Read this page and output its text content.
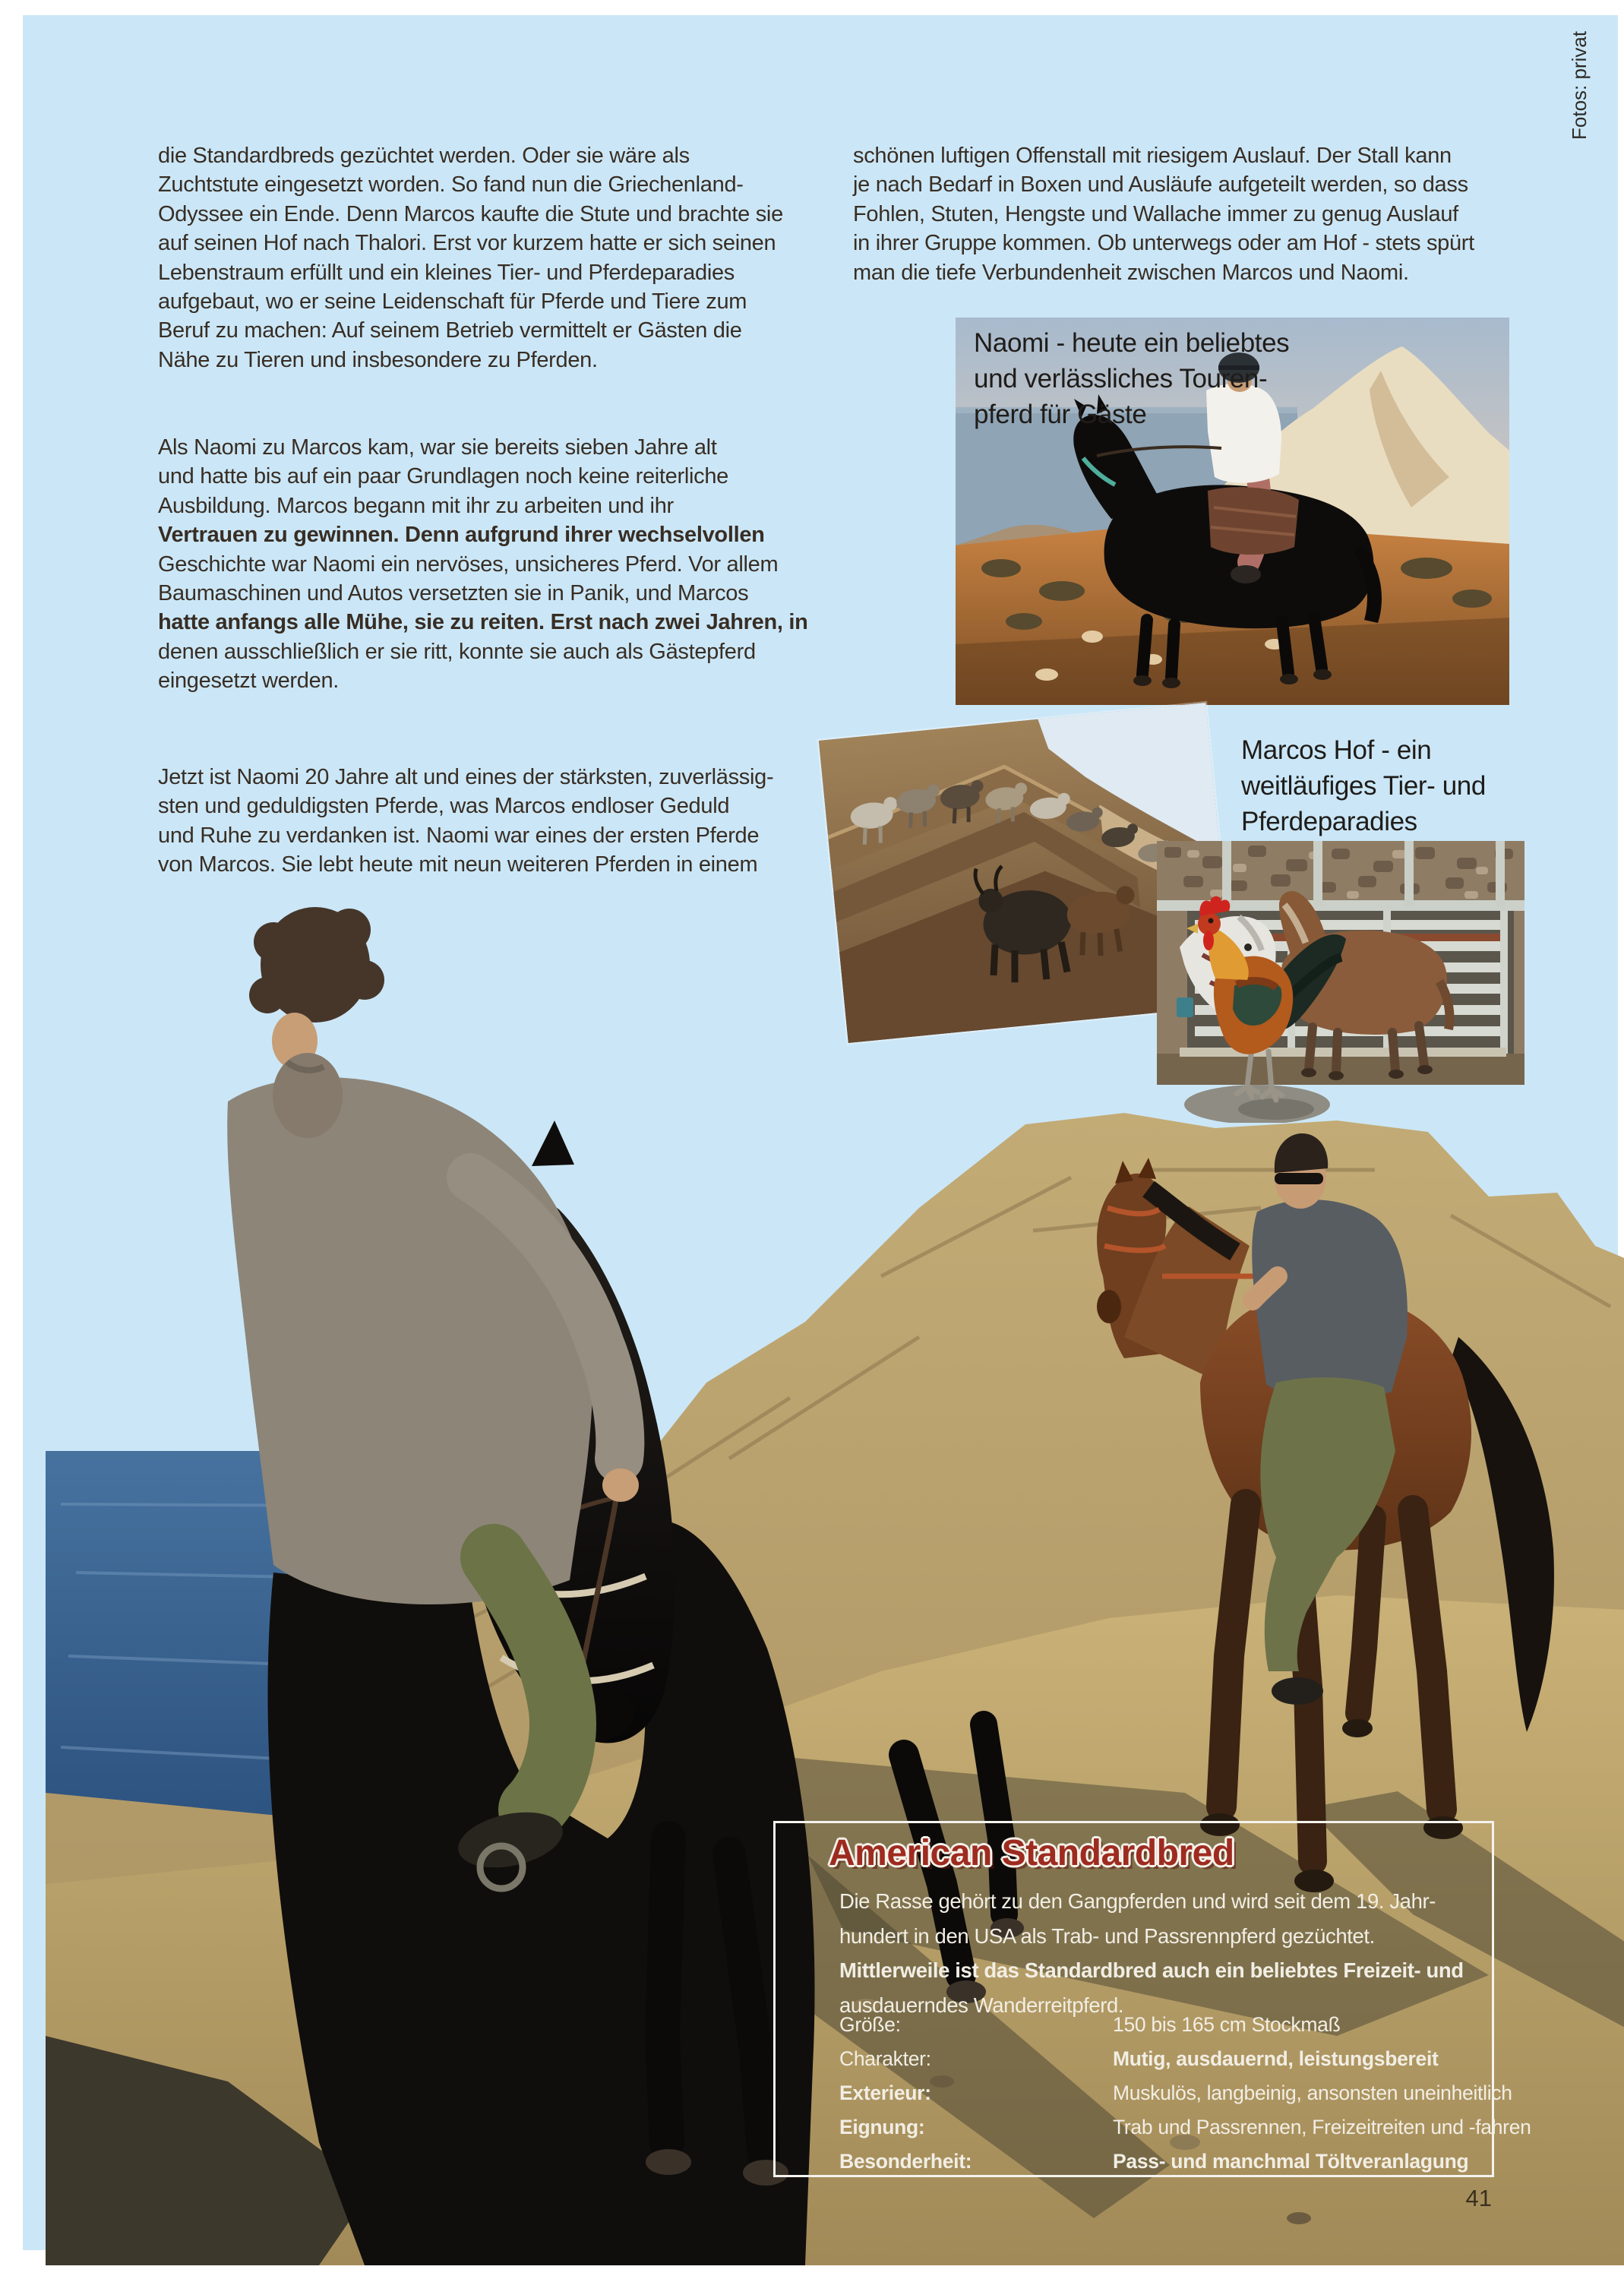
die Standardbreds gezüchtet werden. Oder sie wäre als
Zuchtstute eingesetzt worden. So fand nun die Griechenland-
Odyssee ein Ende. Denn Marcos kaufte die Stute und brachte sie
auf seinen Hof nach Thalori. Erst vor kurzem hatte er sich seinen
Lebenstraum erfüllt und ein kleines Tier- und Pferdeparadies
aufgebaut, wo er seine Leidenschaft für Pferde und Tiere zum
Beruf zu machen: Auf seinem Betrieb vermittelt er Gästen die
Nähe zu Tieren und insbesondere zu Pferden.
Als Naomi zu Marcos kam, war sie bereits sieben Jahre alt
und hatte bis auf ein paar Grundlagen noch keine reiterliche
Ausbildung. Marcos begann mit ihr zu arbeiten und ihr
Vertrauen zu gewinnen. Denn aufgrund ihrer wechselvollen
Geschichte war Naomi ein nervöses, unsicheres Pferd. Vor allem
Baumaschinen und Autos versetzten sie in Panik, und Marcos
hatte anfangs alle Mühe, sie zu reiten. Erst nach zwei Jahren, in
denen ausschließlich er sie ritt, konnte sie auch als Gästepferd
eingesetzt werden.
Jetzt ist Naomi 20 Jahre alt und eines der stärksten, zuverlässig-
sten und geduldigsten Pferde, was Marcos endloser Geduld
und Ruhe zu verdanken ist. Naomi war eines der ersten Pferde
von Marcos. Sie lebt heute mit neun weiteren Pferden in einem
schönen luftigen Offenstall mit riesigem Auslauf. Der Stall kann
je nach Bedarf in Boxen und Ausläufe aufgeteilt werden, so dass
Fohlen, Stuten, Hengste und Wallache immer zu genug Auslauf
in ihrer Gruppe kommen. Ob unterwegs oder am Hof - stets spürt
man die tiefe Verbundenheit zwischen Marcos und Naomi.
Naomi - heute ein beliebtes
und verlässliches Touren-
pferd für Gäste
Marcos Hof - ein
weitläufiges Tier- und
Pferdeparadies
American Standardbred
Die Rasse gehört zu den Gangpferden und wird seit dem 19. Jahr-
hundert in den USA als Trab- und Passrennpferd gezüchtet.
Mittlerweile ist das Standardbred auch ein beliebtes Freizeit- und
ausdauerndes Wanderreitpferd.
Größe:	150 bis 165 cm Stockmaß
Charakter:	Mutig, ausdauernd, leistungsbereit
Exterieur:	Muskulös, langbeinig, ansonsten uneinheitlich
Eignung:	Trab und Passrennen, Freizeitreiten und -fahren
Besonderheit:	Pass- und manchmal Töltveranlagung
41
Fotos: privat
